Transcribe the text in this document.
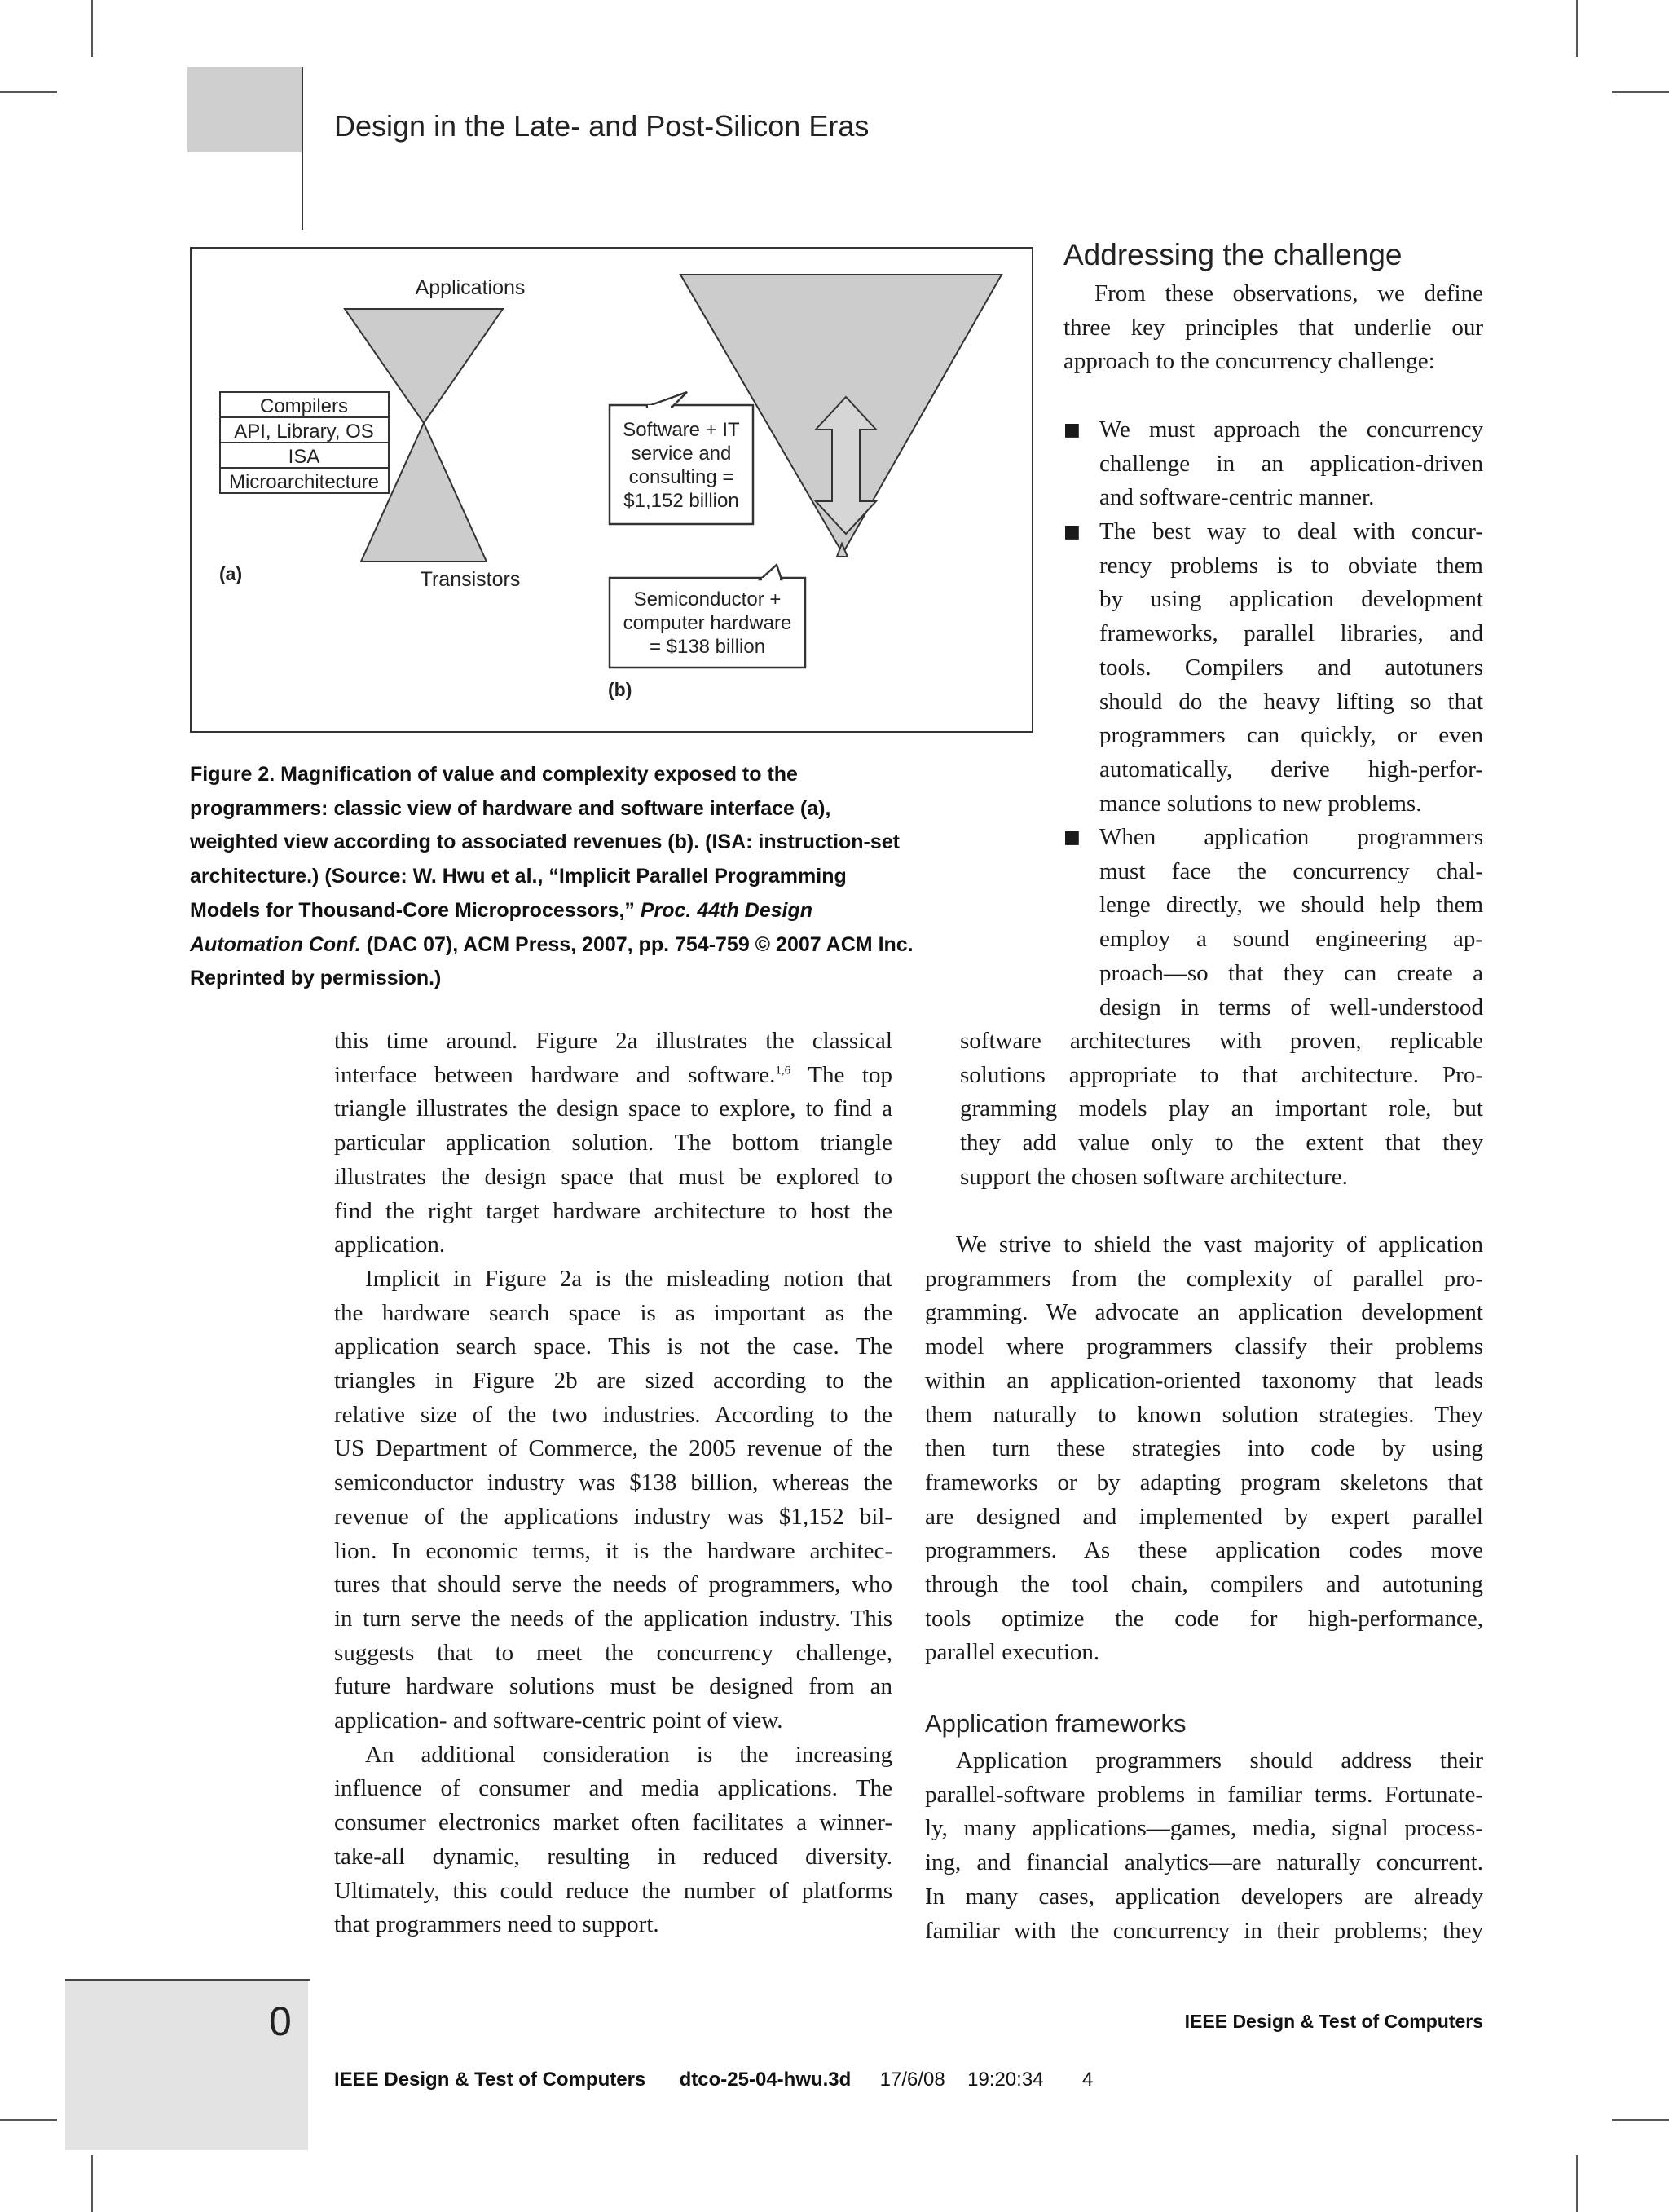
Design in the Late- and Post-Silicon Eras
Applications
Transistors
(a)
Compilers
API, Library, OS
ISA
Microarchitecture
Software + IT
service and
consulting =
$1,152 billion
Semiconductor +
computer hardware
= $138 billion
(b)

Figure 2. Magnification of value and complexity exposed to the

programmers: classic view of hardware and software interface (a),

weighted view according to associated revenues (b). (ISA: instruction-set

architecture.) (Source: W. Hwu et al., “Implicit Parallel Programming

Models for Thousand-Core Microprocessors,” Proc. 44th Design

Automation Conf. (DAC 07), ACM Press, 2007, pp. 754-759 © 2007 ACM Inc.

Reprinted by permission.)

Addressing the challenge

From these observations, we define

three key principles that underlie our

approach to the concurrency challenge:

■ We must approach the concurrency

challenge in an application-driven

and software-centric manner.

■ The best way to deal with concur-

rency problems is to obviate them

by using application development

frameworks, parallel libraries, and

tools. Compilers and autotuners

should do the heavy lifting so that

programmers can quickly, or even

automatically, derive high-perfor-

mance solutions to new problems.

■ When application programmers

must face the concurrency chal-

lenge directly, we should help them

employ a sound engineering ap-

proach—so that they can create a

design in terms of well-understood

software architectures with proven, replicable

solutions appropriate to that architecture. Pro-

gramming models play an important role, but

they add value only to the extent that they

support the chosen software architecture.

this time around. Figure 2a illustrates the classical

interface between hardware and software.$^{1,6}$ The top

triangle illustrates the design space to explore, to find a

particular application solution. The bottom triangle

illustrates the design space that must be explored to

find the right target hardware architecture to host the

application.

Implicit in Figure 2a is the misleading notion that

the hardware search space is as important as the

application search space. This is not the case. The

triangles in Figure 2b are sized according to the

relative size of the two industries. According to the

US Department of Commerce, the 2005 revenue of the

semiconductor industry was $138 billion, whereas the

revenue of the applications industry was $1,152 bil-

lion. In economic terms, it is the hardware architec-

tures that should serve the needs of programmers, who

in turn serve the needs of the application industry. This

suggests that to meet the concurrency challenge,

future hardware solutions must be designed from an

application- and software-centric point of view.

An additional consideration is the increasing

influence of consumer and media applications. The

consumer electronics market often facilitates a winner-

take-all dynamic, resulting in reduced diversity.

Ultimately, this could reduce the number of platforms

that programmers need to support.

We strive to shield the vast majority of application

programmers from the complexity of parallel pro-

gramming. We advocate an application development

model where programmers classify their problems

within an application-oriented taxonomy that leads

them naturally to known solution strategies. They

then turn these strategies into code by using

frameworks or by adapting program skeletons that

are designed and implemented by expert parallel

programmers. As these application codes move

through the tool chain, compilers and autotuning

tools optimize the code for high-performance,

parallel execution.

Application frameworks

Application programmers should address their

parallel-software problems in familiar terms. Fortunate-

ly, many applications—games, media, signal process-

ing, and financial analytics—are naturally concurrent.

In many cases, application developers are already

familiar with the concurrency in their problems; they

0	IEEE Design & Test of Computers
IEEE Design & Test of Computers dtco-25-04-hwu.3d 17/6/08 19:20:34 4
